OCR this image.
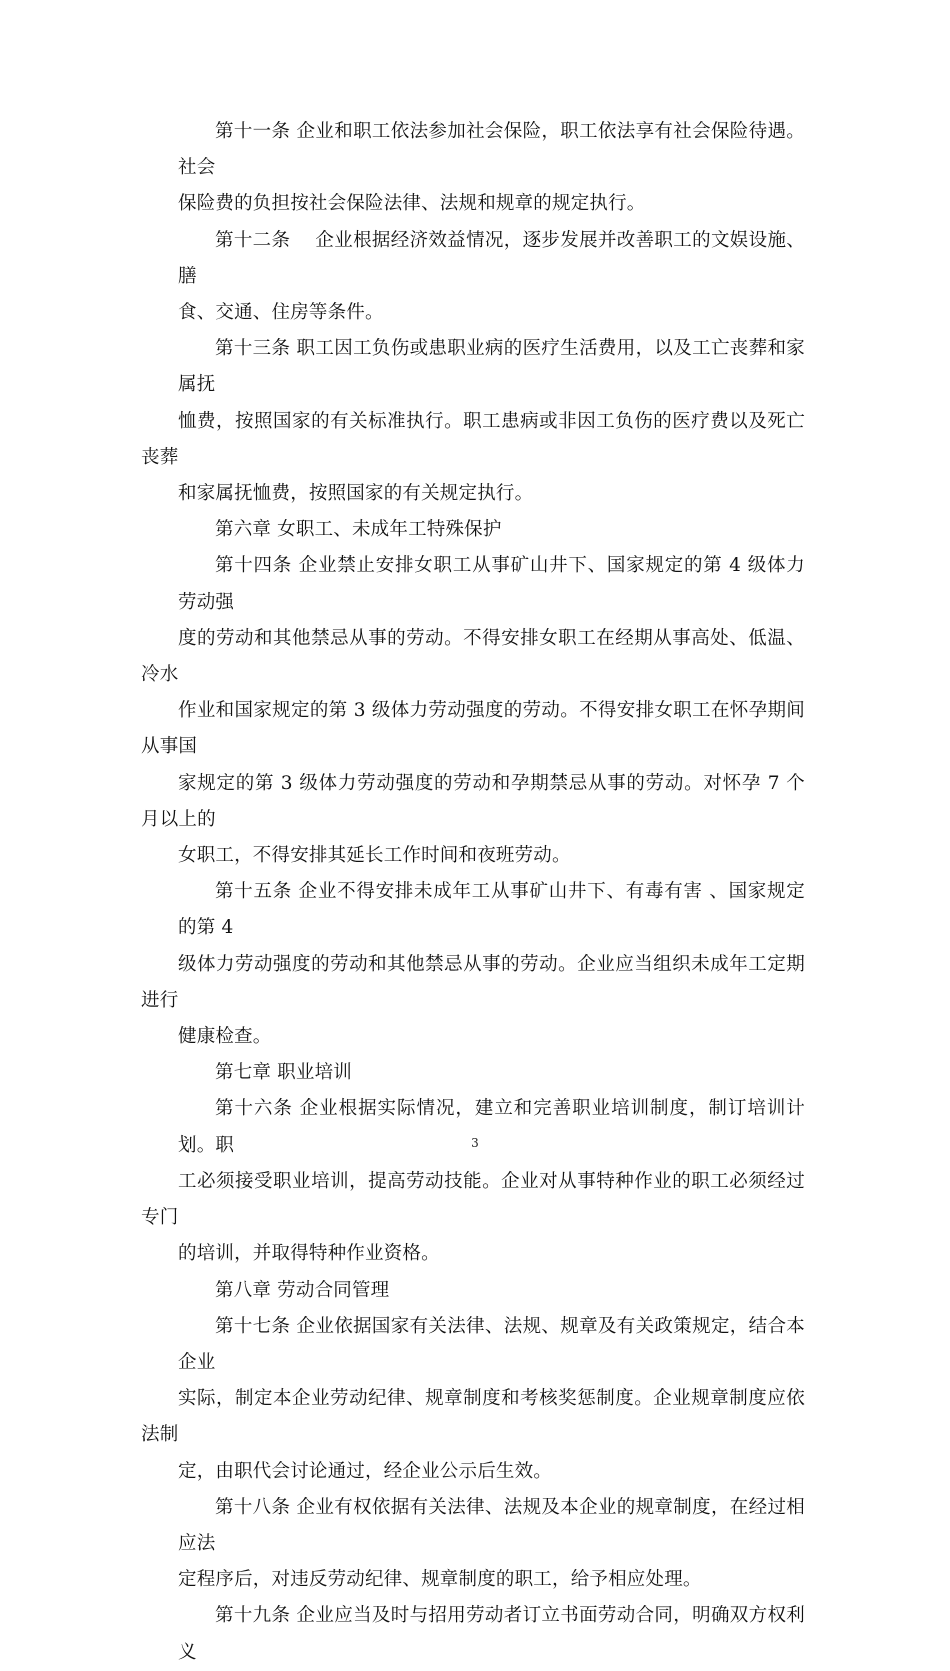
第十一条 企业和职工依法参加社会保险，职工依法享有社会保险待遇。社会
保险费的负担按社会保险法律、法规和规章的规定执行。

第十二条　 企业根据经济效益情况，逐步发展并改善职工的文娱设施、 膳
食、交通、住房等条件。

第十三条 职工因工负伤或患职业病的医疗生活费用，以及工亡丧葬和家属抚
恤费，按照国家的有关标准执行。职工患病或非因工负伤的医疗费以及死亡丧葬
和家属抚恤费，按照国家的有关规定执行。

第六章 女职工、未成年工特殊保护

第十四条 企业禁止安排女职工从事矿山井下、国家规定的第 4 级体力劳动强
度的劳动和其他禁忌从事的劳动。不得安排女职工在经期从事高处、低温、冷水
作业和国家规定的第 3 级体力劳动强度的劳动。不得安排女职工在怀孕期间从事国
家规定的第 3 级体力劳动强度的劳动和孕期禁忌从事的劳动。对怀孕 7 个月以上的
女职工，不得安排其延长工作时间和夜班劳动。

第十五条 企业不得安排未成年工从事矿山井下、有毒有害 、国家规定的第 4
级体力劳动强度的劳动和其他禁忌从事的劳动。企业应当组织未成年工定期进行
健康检查。

第七章 职业培训

第十六条 企业根据实际情况，建立和完善职业培训制度，制订培训计划。职
工必须接受职业培训，提高劳动技能。企业对从事特种作业的职工必须经过专门
的培训，并取得特种作业资格。

第八章 劳动合同管理

第十七条 企业依据国家有关法律、法规、规章及有关政策规定，结合本企业
实际，制定本企业劳动纪律、规章制度和考核奖惩制度。企业规章制度应依法制
定，由职代会讨论通过，经企业公示后生效。

第十八条 企业有权依据有关法律、法规及本企业的规章制度，在经过相应法
定程序后，对违反劳动纪律、规章制度的职工，给予相应处理。

第十九条 企业应当及时与招用劳动者订立书面劳动合同，明确双方权利义

3
